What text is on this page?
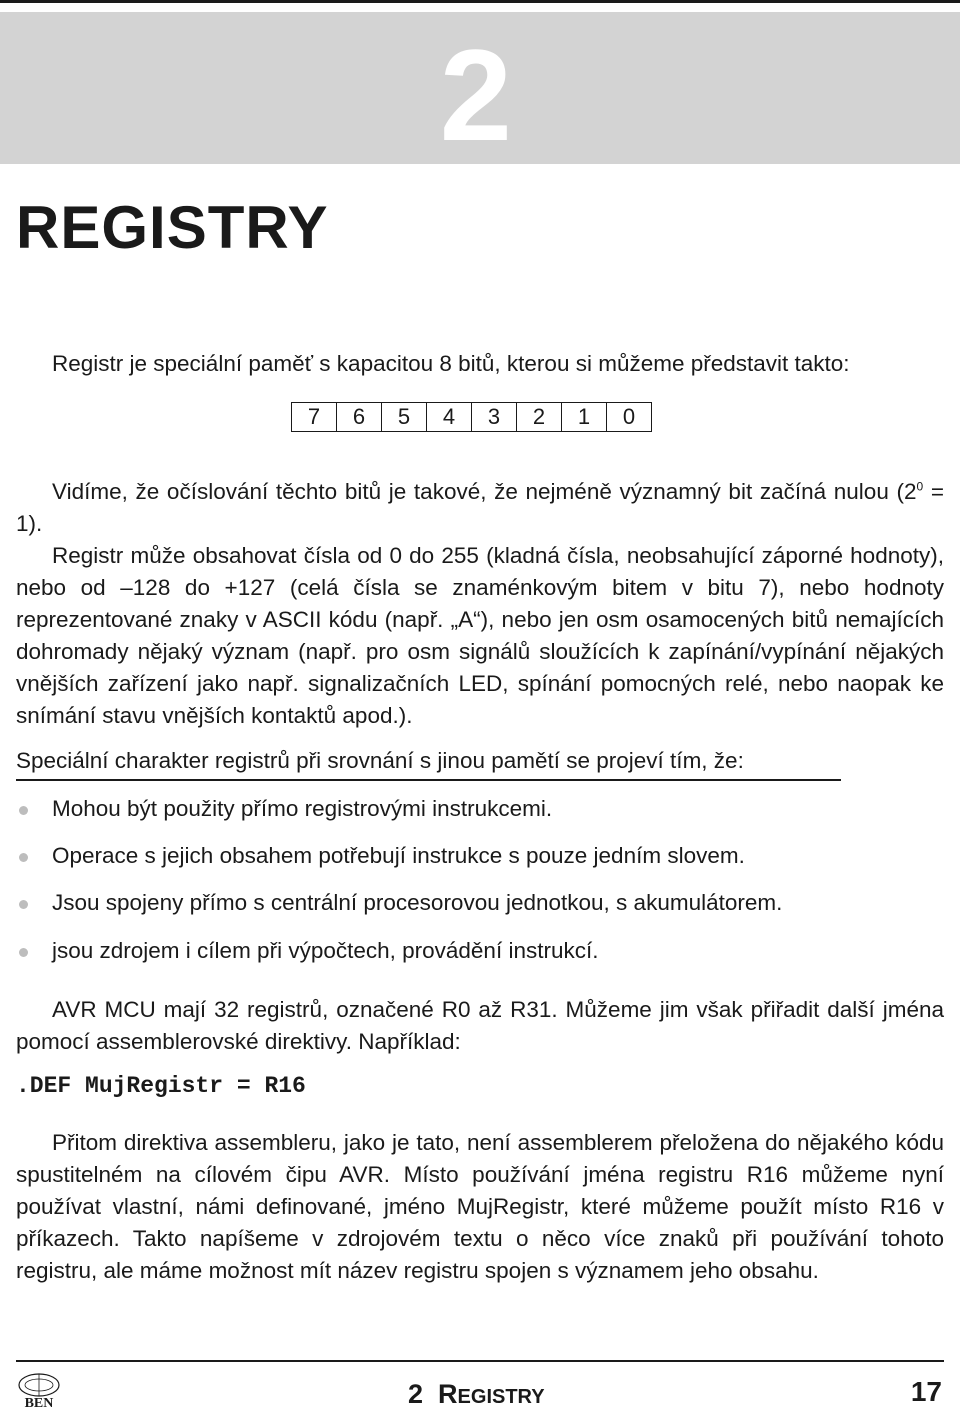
2
REGISTRY
Registr je speciální paměť s kapacitou 8 bitů, kterou si můžeme představit takto:
7	6	5	4	3	2	1	0
Vidíme, že očíslování těchto bitů je takové, že nejméně významný bit začíná nulou $(2^0 = 1)$.
Registr může obsahovat čísla od 0 do 255 (kladná čísla, neobsahující záporné hodnoty), nebo od –128 do +127 (celá čísla se znaménkovým bitem v bitu 7), nebo hodnoty reprezentované znaky v ASCII kódu (např. „A“), nebo jen osm osamocených bitů nemajících dohromady nějaký význam (např. pro osm signálů sloužících k zapínání/vypínání nějakých vnějších zařízení jako např. signalizačních LED, spínání pomocných relé, nebo naopak ke snímání stavu vnějších kontaktů apod.).
Speciální charakter registrů při srovnání s jinou pamětí se projeví tím, že:
Mohou být použity přímo registrovými instrukcemi.
Operace s jejich obsahem potřebují instrukce s pouze jedním slovem.
Jsou spojeny přímo s centrální procesorovou jednotkou, s akumulátorem.
jsou zdrojem i cílem při výpočtech, provádění instrukcí.
AVR MCU mají 32 registrů, označené R0 až R31. Můžeme jim však přiřadit další jména pomocí assemblerovské direktivy. Například:
.DEF MujRegistr = R16
Přitom direktiva assembleru, jako je tato, není assemblerem přeložena do nějakého kódu spustitelném na cílovém čipu AVR. Místo používání jména registru R16 můžeme nyní používat vlastní, námi definované, jméno MujRegistr, které můžeme použít místo R16 v příkazech. Takto napíšeme v zdrojovém textu o něco více znaků při používání tohoto registru, ale máme možnost mít název registru spojen s významem jeho obsahu.
BEN	2 REGISTRY	17
